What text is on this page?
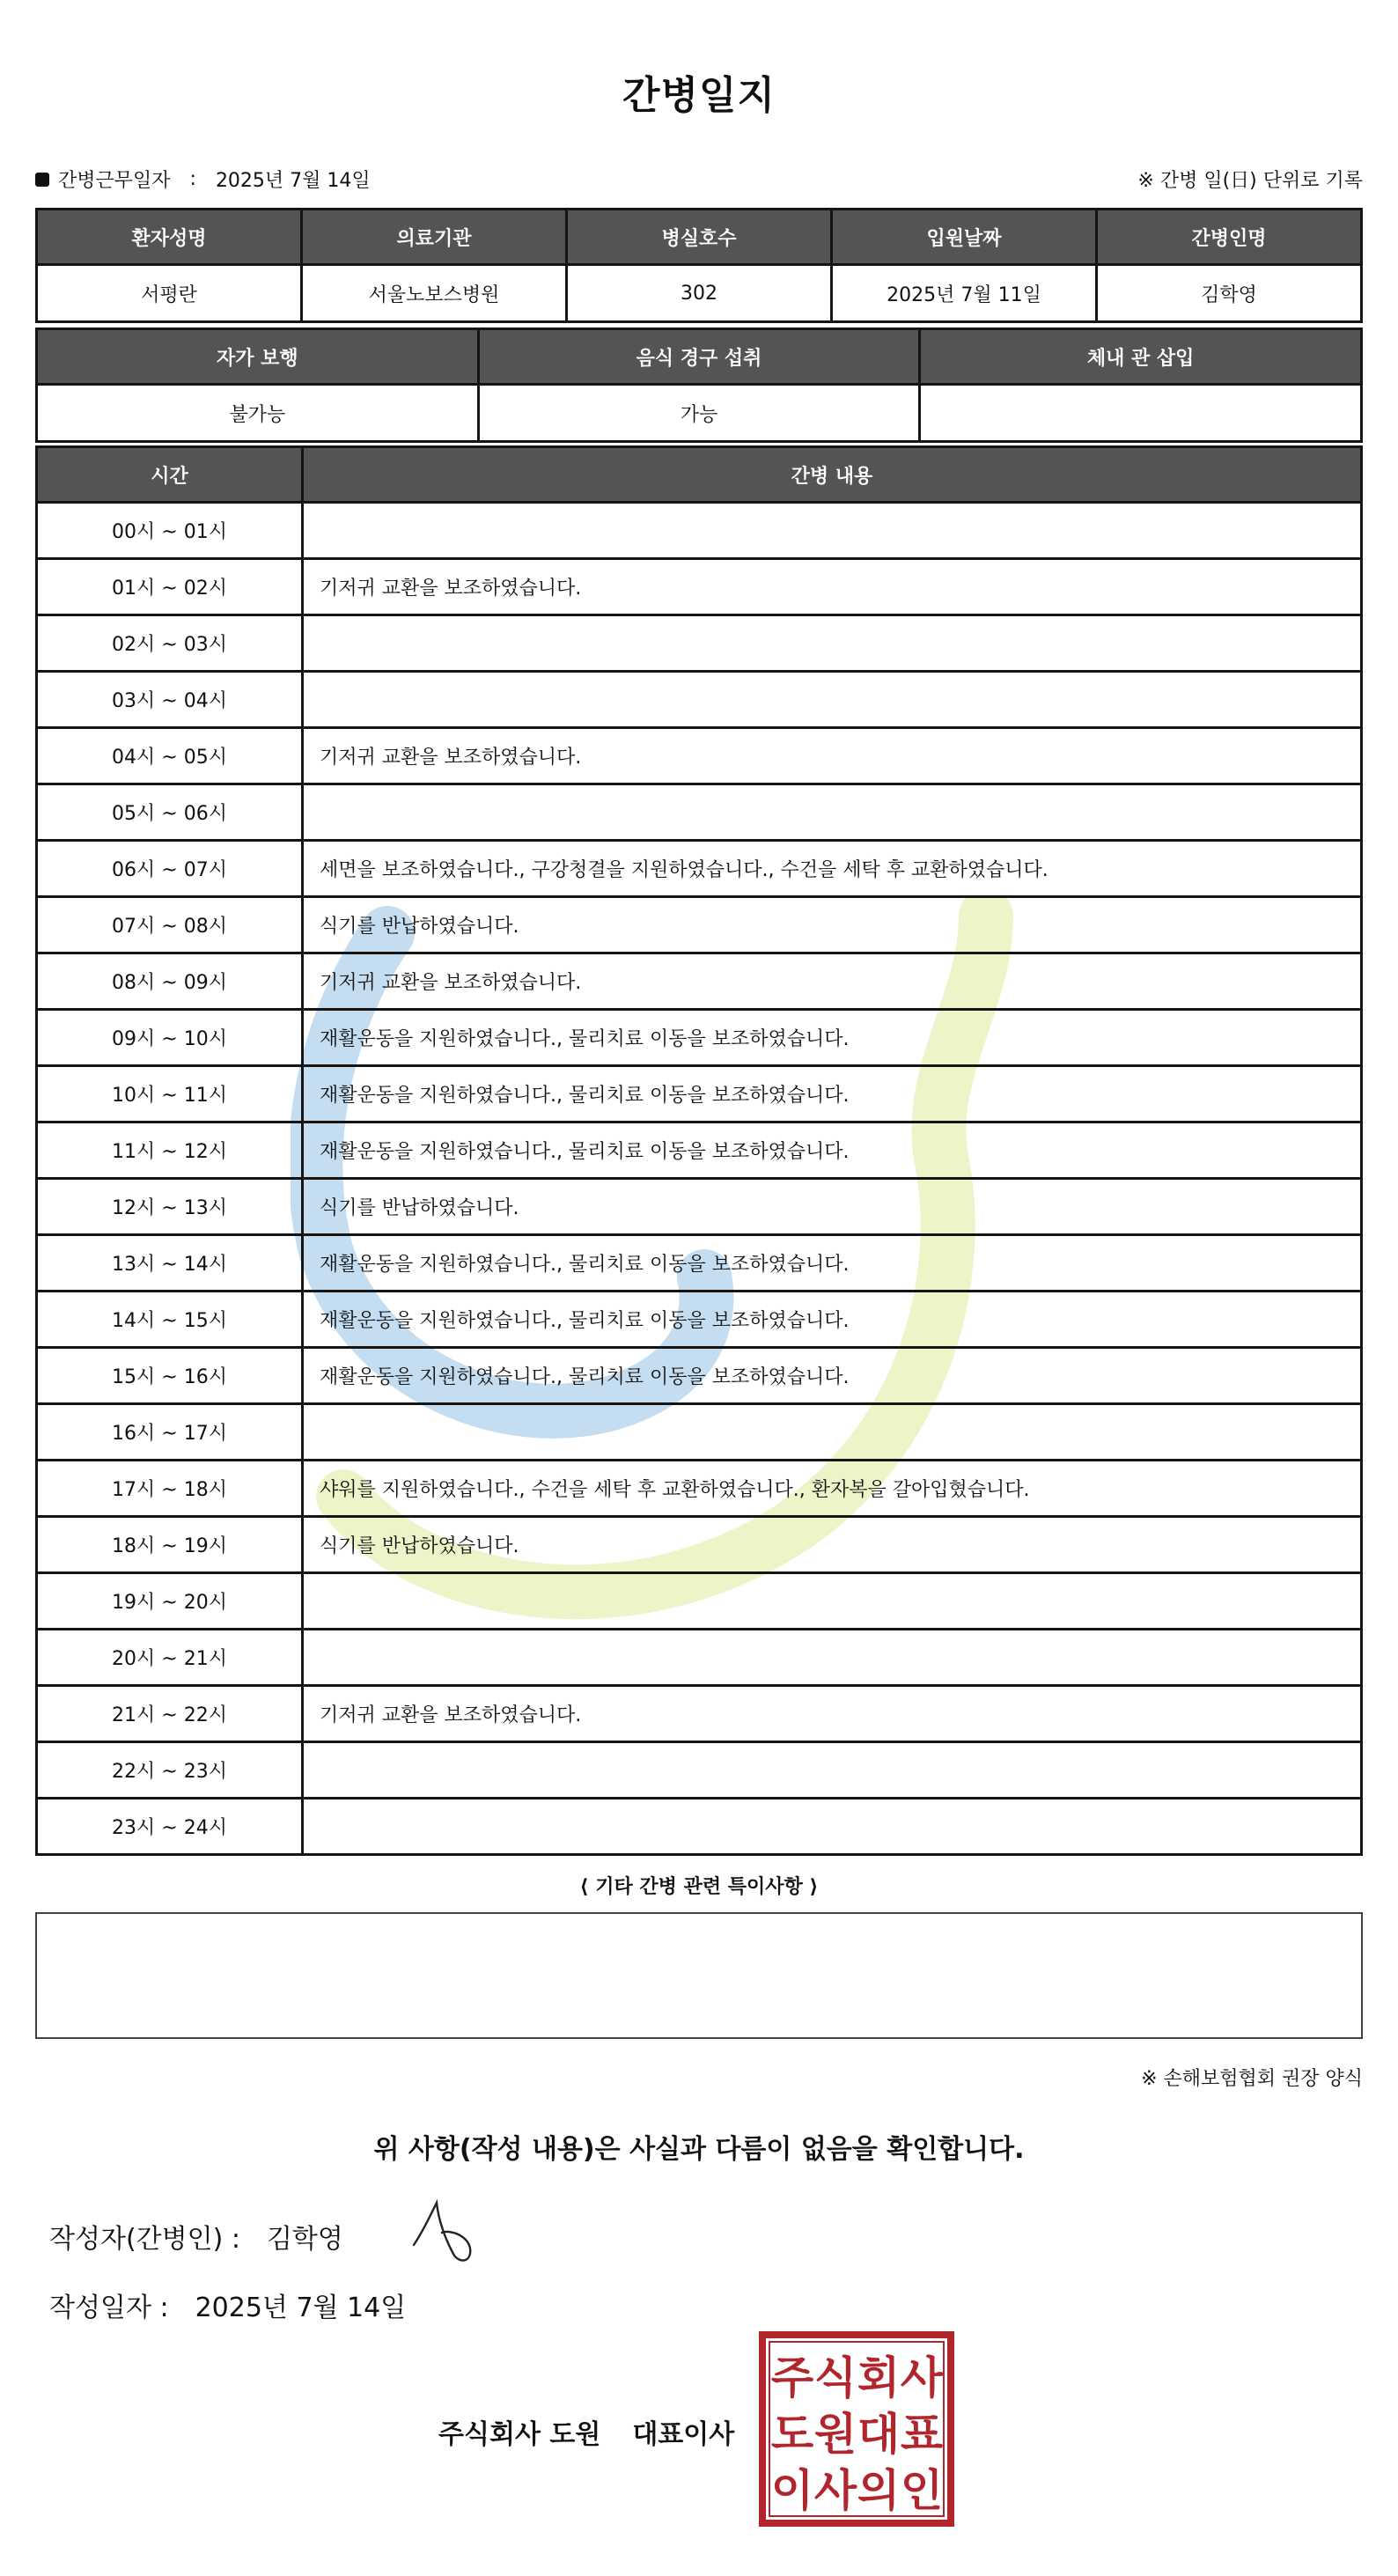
간병일지
간병근무일자 : 2025년 7월 14일	※ 간병 일(日) 단위로 기록
환자성명	의료기관	병실호수	입원날짜	간병인명
서평란	서울노보스병원	302	2025년 7월 11일	김학영
자가 보행	음식 경구 섭취	체내 관 삽입
불가능	가능	
시간	간병 내용
00시 ~ 01시	
01시 ~ 02시	기저귀 교환을 보조하였습니다.
02시 ~ 03시	
03시 ~ 04시	
04시 ~ 05시	기저귀 교환을 보조하였습니다.
05시 ~ 06시	
06시 ~ 07시	세면을 보조하였습니다., 구강청결을 지원하였습니다., 수건을 세탁 후 교환하였습니다.
07시 ~ 08시	식기를 반납하였습니다.
08시 ~ 09시	기저귀 교환을 보조하였습니다.
09시 ~ 10시	재활운동을 지원하였습니다., 물리치료 이동을 보조하였습니다.
10시 ~ 11시	재활운동을 지원하였습니다., 물리치료 이동을 보조하였습니다.
11시 ~ 12시	재활운동을 지원하였습니다., 물리치료 이동을 보조하였습니다.
12시 ~ 13시	식기를 반납하였습니다.
13시 ~ 14시	재활운동을 지원하였습니다., 물리치료 이동을 보조하였습니다.
14시 ~ 15시	재활운동을 지원하였습니다., 물리치료 이동을 보조하였습니다.
15시 ~ 16시	재활운동을 지원하였습니다., 물리치료 이동을 보조하였습니다.
16시 ~ 17시	
17시 ~ 18시	샤워를 지원하였습니다., 수건을 세탁 후 교환하였습니다., 환자복을 갈아입혔습니다.
18시 ~ 19시	식기를 반납하였습니다.
19시 ~ 20시	
20시 ~ 21시	
21시 ~ 22시	기저귀 교환을 보조하였습니다.
22시 ~ 23시	
23시 ~ 24시	
⟨ 기타 간병 관련 특이사항 ⟩
※ 손해보험협회 권장 양식
위 사항(작성 내용)은 사실과 다름이 없음을 확인합니다.
작성자(간병인) : 김학영
작성일자 : 2025년 7월 14일
주식회사 도원 대표이사
주 식 회 사
도 원 대 표
이 사 의 인
